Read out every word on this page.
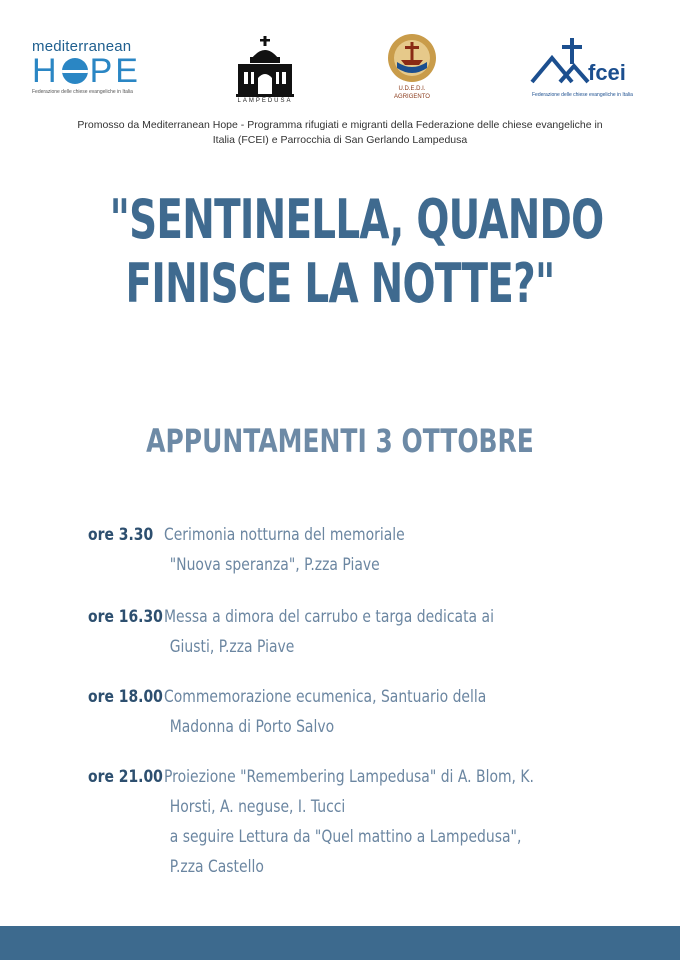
mediterranean
H PE
Federazione delle chiese evangeliche in Italia
LAMPEDUSA
U.D.E.D.I.
AGRIGENTO
fcei
Federazione delle chiese evangeliche in Italia
Promosso da Mediterranean Hope - Programma rifugiati e migranti della Federazione delle chiese evangeliche in
Italia (FCEI) e Parrocchia di San Gerlando Lampedusa
"SENTINELLA, QUANDO
FINISCE LA NOTTE?"
APPUNTAMENTI 3 OTTOBRE
ore 3.30 Cerimonia notturna del memoriale
"Nuova speranza", P.zza Piave
ore 16.30 Messa a dimora del carrubo e targa dedicata ai
Giusti, P.zza Piave
ore 18.00 Commemorazione ecumenica, Santuario della
Madonna di Porto Salvo
ore 21.00 Proiezione "Remembering Lampedusa" di A. Blom, K.
Horsti, A. neguse, I. Tucci
a seguire Lettura da "Quel mattino a Lampedusa",
P.zza Castello
